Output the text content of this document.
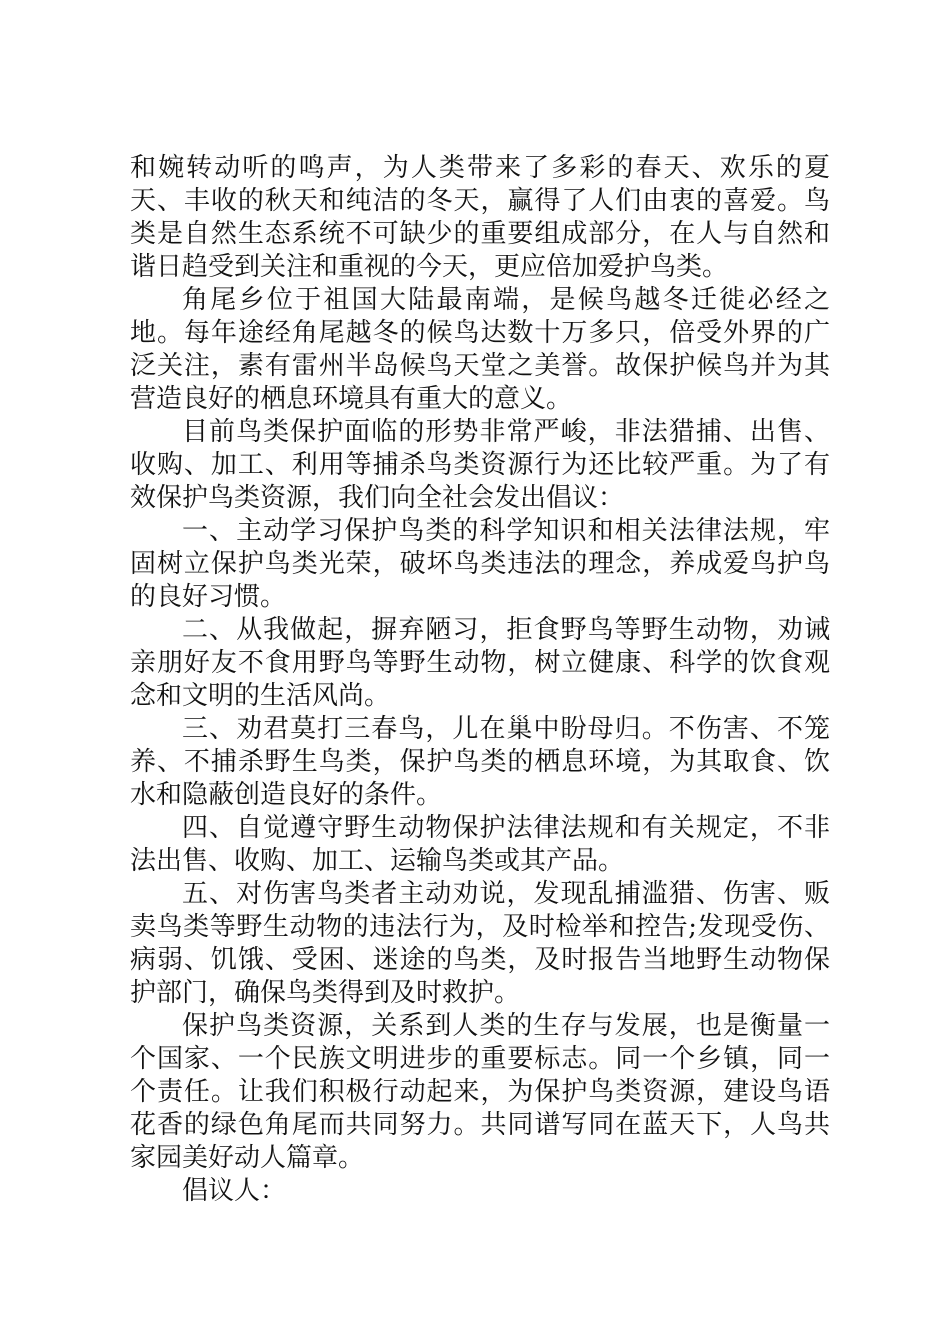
和婉转动听的鸣声，为人类带来了多彩的春天、欢乐的夏天、丰收的秋天和纯洁的冬天，赢得了人们由衷的喜爱。鸟类是自然生态系统不可缺少的重要组成部分，在人与自然和谐日趋受到关注和重视的今天，更应倍加爱护鸟类。

角尾乡位于祖国大陆最南端，是候鸟越冬迁徙必经之地。每年途经角尾越冬的候鸟达数十万多只，倍受外界的广泛关注，素有雷州半岛候鸟天堂之美誉。故保护候鸟并为其营造良好的栖息环境具有重大的意义。

目前鸟类保护面临的形势非常严峻，非法猎捕、出售、收购、加工、利用等捕杀鸟类资源行为还比较严重。为了有效保护鸟类资源，我们向全社会发出倡议：

一、主动学习保护鸟类的科学知识和相关法律法规，牢固树立保护鸟类光荣，破坏鸟类违法的理念，养成爱鸟护鸟的良好习惯。

二、从我做起，摒弃陋习，拒食野鸟等野生动物，劝诫亲朋好友不食用野鸟等野生动物，树立健康、科学的饮食观念和文明的生活风尚。

三、劝君莫打三春鸟，儿在巢中盼母归。不伤害、不笼养、不捕杀野生鸟类，保护鸟类的栖息环境，为其取食、饮水和隐蔽创造良好的条件。

四、自觉遵守野生动物保护法律法规和有关规定，不非法出售、收购、加工、运输鸟类或其产品。

五、对伤害鸟类者主动劝说，发现乱捕滥猎、伤害、贩卖鸟类等野生动物的违法行为，及时检举和控告;发现受伤、病弱、饥饿、受困、迷途的鸟类，及时报告当地野生动物保护部门，确保鸟类得到及时救护。

保护鸟类资源，关系到人类的生存与发展，也是衡量一个国家、一个民族文明进步的重要标志。同一个乡镇，同一个责任。让我们积极行动起来，为保护鸟类资源，建设鸟语花香的绿色角尾而共同努力。共同谱写同在蓝天下，人鸟共家园美好动人篇章。

倡议人：
